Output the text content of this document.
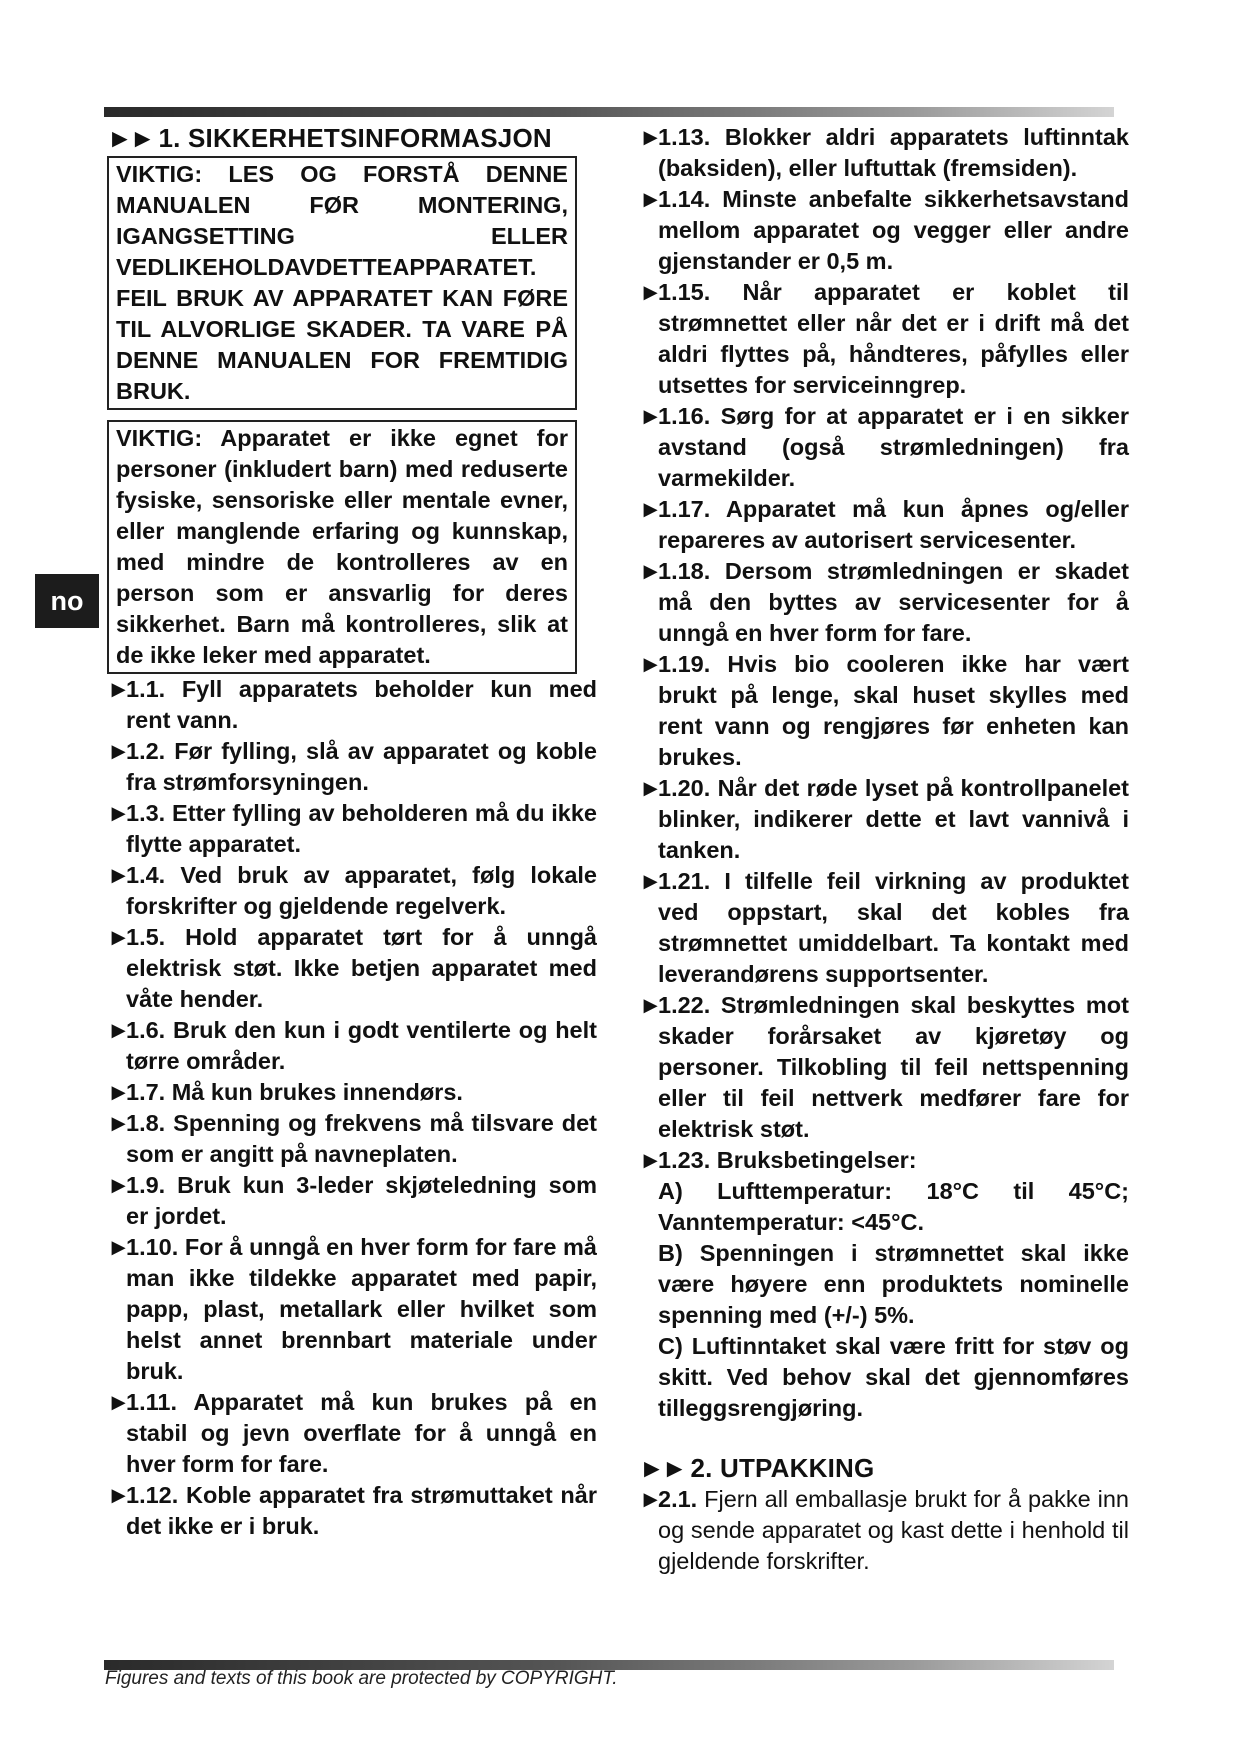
no
►► 1. SIKKERHETSINFORMASJON
VIKTIG: LES OG FORSTÅ DENNE MANUALEN FØR MONTERING, IGANGSETTING ELLER VEDLIKEHOLDAVDETTEAPPARATET. FEIL BRUK AV APPARATET KAN FØRE TIL ALVORLIGE SKADER. TA VARE PÅ DENNE MANUALEN FOR FREMTIDIG BRUK.
VIKTIG: Apparatet er ikke egnet for personer (inkludert barn) med reduserte fysiske, sensoriske eller mentale evner, eller manglende erfaring og kunnskap, med mindre de kontrolleres av en person som er ansvarlig for deres sikkerhet. Barn må kontrolleres, slik at de ikke leker med apparatet.
►1.1. Fyll apparatets beholder kun med rent vann.
►1.2. Før fylling, slå av apparatet og koble fra strømforsyningen.
►1.3. Etter fylling av beholderen må du ikke flytte apparatet.
►1.4. Ved bruk av apparatet, følg lokale forskrifter og gjeldende regelverk.
►1.5. Hold apparatet tørt for å unngå elektrisk støt. Ikke betjen apparatet med våte hender.
►1.6. Bruk den kun i godt ventilerte og helt tørre områder.
►1.7. Må kun brukes innendørs.
►1.8. Spenning og frekvens må tilsvare det som er angitt på navneplaten.
►1.9. Bruk kun 3-leder skjøteledning som er jordet.
►1.10. For å unngå en hver form for fare må man ikke tildekke apparatet med papir, papp, plast, metallark eller hvilket som helst annet brennbart materiale under bruk.
►1.11. Apparatet må kun brukes på en stabil og jevn overflate for å unngå en hver form for fare.
►1.12. Koble apparatet fra strømuttaket når det ikke er i bruk.
►1.13. Blokker aldri apparatets luftinntak (baksiden), eller luftuttak (fremsiden).
►1.14. Minste anbefalte sikkerhetsavstand mellom apparatet og vegger eller andre gjenstander er 0,5 m.
►1.15. Når apparatet er koblet til strømnettet eller når det er i drift må det aldri flyttes på, håndteres, påfylles eller utsettes for serviceinngrep.
►1.16. Sørg for at apparatet er i en sikker avstand (også strømledningen) fra varmekilder.
►1.17. Apparatet må kun åpnes og/eller repareres av autorisert servicesenter.
►1.18. Dersom strømledningen er skadet må den byttes av servicesenter for å unngå en hver form for fare.
►1.19. Hvis bio cooleren ikke har vært brukt på lenge, skal huset skylles med rent vann og rengjøres før enheten kan brukes.
►1.20. Når det røde lyset på kontrollpanelet blinker, indikerer dette et lavt vannivå i tanken.
►1.21. I tilfelle feil virkning av produktet ved oppstart, skal det kobles fra strømnettet umiddelbart. Ta kontakt med leverandørens supportsenter.
►1.22. Strømledningen skal beskyttes mot skader forårsaket av kjøretøy og personer. Tilkobling til feil nettspenning eller til feil nettverk medfører fare for elektrisk støt.
►1.23. Bruksbetingelser:
A) Lufttemperatur: 18°C til 45°C; Vanntemperatur: <45°C.
B) Spenningen i strømnettet skal ikke være høyere enn produktets nominelle spenning med (+/-) 5%.
C) Luftinntaket skal være fritt for støv og skitt. Ved behov skal det gjennomføres tilleggsrengjøring.
►► 2. UTPAKKING
►2.1. Fjern all emballasje brukt for å pakke inn og sende apparatet og kast dette i henhold til gjeldende forskrifter.
Figures and texts of this book are protected by COPYRIGHT.
